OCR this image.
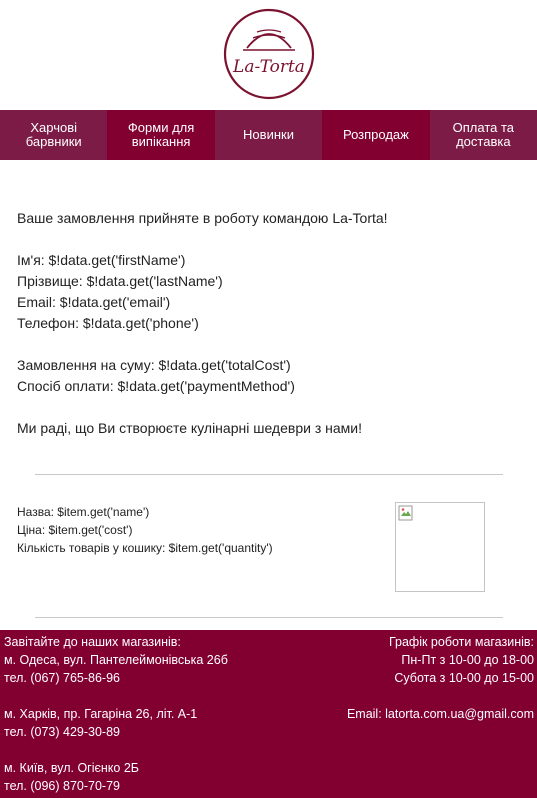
La-Torta
Харчові
барвники
Форми для
випікання	Новинки	Розпродаж	Оплата та
доставка

Ваше замовлення прийняте в роботу командою La-Torta!

Ім'я: $!data.get('firstName')

Прізвище: $!data.get('lastName')

Email: $!data.get('email')

Телефон: $!data.get('phone')

Замовлення на суму: $!data.get('totalCost')

Спосіб оплати: $!data.get('paymentMethod')

Ми раді, що Ви створюєте кулінарні шедеври з нами!

Назва: $item.get('name')
Ціна: $item.get('cost')
Кількість товарів у кошику: $item.get('quantity')
Завітайте до наших магазинів:
м. Одеса, вул. Пантелеймонівська 26б
тел. (067) 765-86-96
м. Харків, пр. Гагаріна 26, літ. А-1
тел. (073) 429-30-89
м. Київ, вул. Огієнко 2Б
тел. (096) 870-70-79
Графік роботи магазинів:
Пн-Пт з 10-00 до 18-00
Субота з 10-00 до 15-00
Email: latorta.com.ua@gmail.com
